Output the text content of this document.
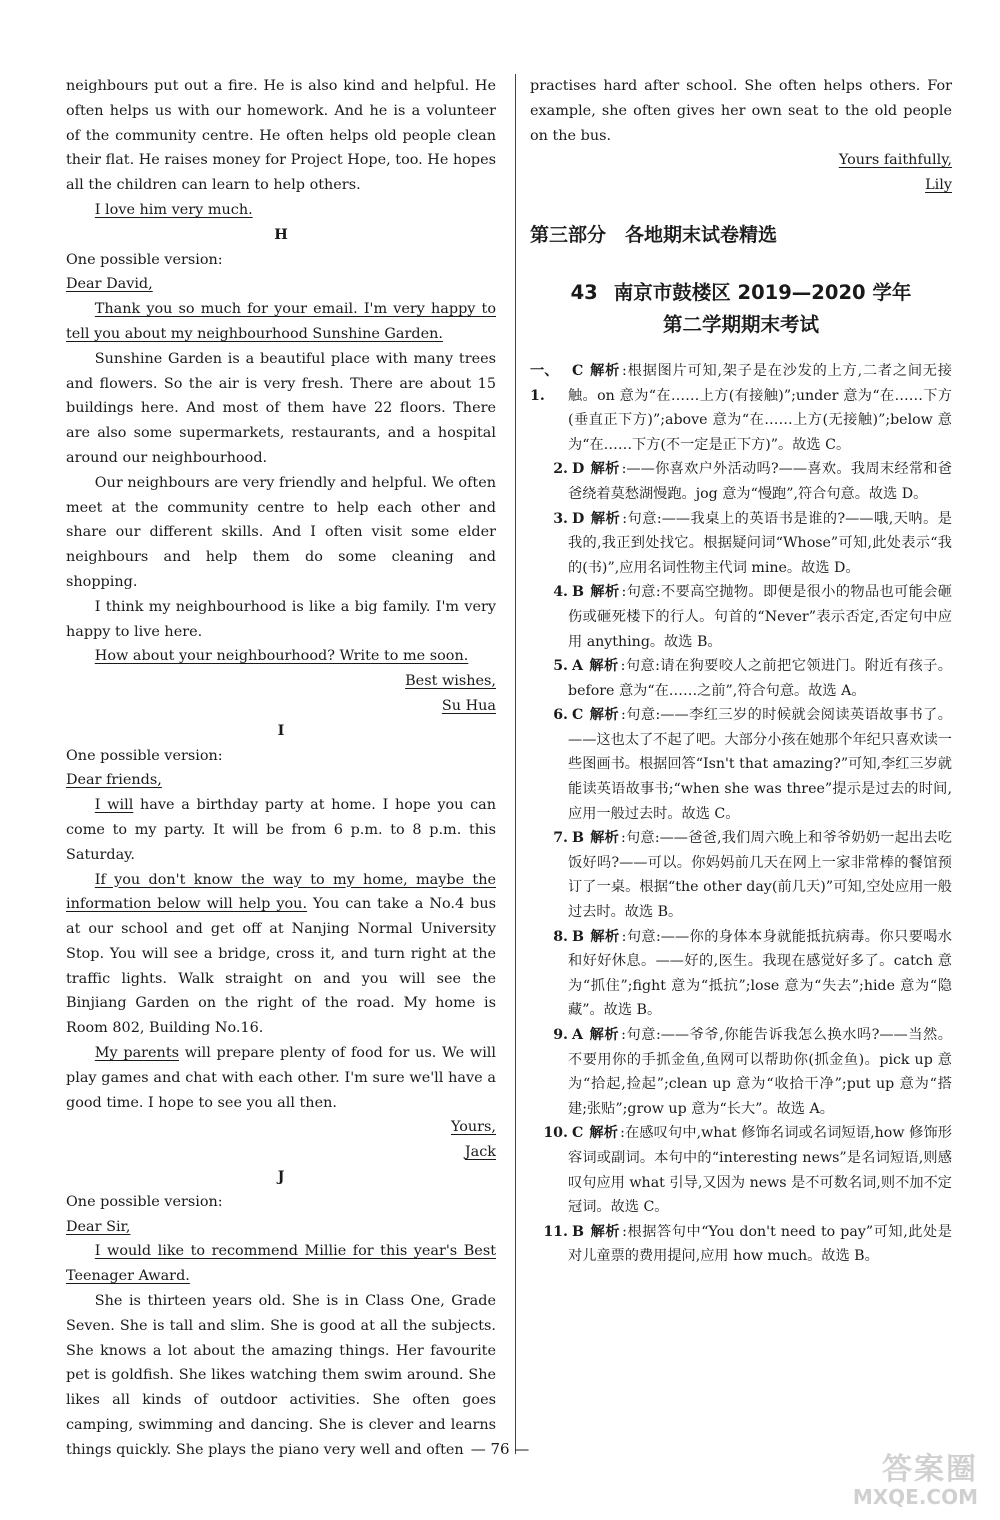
neighbours put out a fire. He is also kind and helpful. He often helps us with our homework. And he is a volunteer of the community centre. He often helps old people clean their flat. He raises money for Project Hope, too. He hopes all the children can learn to help others.

I love him very much.

H

One possible version:

Dear David,

Thank you so much for your email. I'm very happy to tell you about my neighbourhood Sunshine Garden.

Sunshine Garden is a beautiful place with many trees and flowers. So the air is very fresh. There are about 15 buildings here. And most of them have 22 floors. There are also some supermarkets, restaurants, and a hospital around our neighbourhood.

Our neighbours are very friendly and helpful. We often meet at the community centre to help each other and share our different skills. And I often visit some elder neighbours and help them do some cleaning and shopping.

I think my neighbourhood is like a big family. I'm very happy to live here.

How about your neighbourhood? Write to me soon.

Best wishes,

Su Hua

I

One possible version:

Dear friends,

I will have a birthday party at home. I hope you can come to my party. It will be from 6 p.m. to 8 p.m. this Saturday.

If you don't know the way to my home, maybe the information below will help you. You can take a No.4 bus at our school and get off at Nanjing Normal University Stop. You will see a bridge, cross it, and turn right at the traffic lights. Walk straight on and you will see the Binjiang Garden on the right of the road. My home is Room 802, Building No.16.

My parents will prepare plenty of food for us. We will play games and chat with each other. I'm sure we'll have a good time. I hope to see you all then.

Yours,

Jack

J

One possible version:

Dear Sir,

I would like to recommend Millie for this year's Best Teenager Award.

She is thirteen years old. She is in Class One, Grade Seven. She is tall and slim. She is good at all the subjects. She knows a lot about the amazing things. Her favourite pet is goldfish. She likes watching them swim around. She likes all kinds of outdoor activities. She often goes camping, swimming and dancing. She is clever and learns things quickly. She plays the piano very well and often

practises hard after school. She often helps others. For example, she often gives her own seat to the old people on the bus.

Yours faithfully,

Lily

第三部分　各地期末试卷精选
43 南京市鼓楼区 2019—2020 学年
第二学期期末考试

一、1.
C 解析 :根据图片可知,架子是在沙发的上方,二者之间无接触。on 意为“在……上方(有接触)”;under 意为“在……下方(垂直正下方)”;above 意为“在……上方(无接触)”;below 意为“在……下方(不一定是正下方)”。故选 C。

2. D 解析 :——你喜欢户外活动吗?——喜欢。我周末经常和爸爸绕着莫愁湖慢跑。jog 意为“慢跑”,符合句意。故选 D。

3. D 解析 :句意:——我桌上的英语书是谁的?——哦,天呐。是我的,我正到处找它。根据疑问词“Whose”可知,此处表示“我的(书)”,应用名词性物主代词 mine。故选 D。

4. B 解析 :句意:不要高空抛物。即便是很小的物品也可能会砸伤或砸死楼下的行人。句首的“Never”表示否定,否定句中应用 anything。故选 B。

5. A 解析 :句意:请在狗要咬人之前把它领进门。附近有孩子。before 意为“在……之前”,符合句意。故选 A。

6. C 解析 :句意:——李红三岁的时候就会阅读英语故事书了。——这也太了不起了吧。大部分小孩在她那个年纪只喜欢读一些图画书。根据回答“Isn't that amazing?”可知,李红三岁就能读英语故事书;“when she was three”提示是过去的时间,应用一般过去时。故选 C。

7. B 解析 :句意:——爸爸,我们周六晚上和爷爷奶奶一起出去吃饭好吗?——可以。你妈妈前几天在网上一家非常棒的餐馆预订了一桌。根据“the other day(前几天)”可知,空处应用一般过去时。故选 B。

8. B 解析 :句意:——你的身体本身就能抵抗病毒。你只要喝水和好好休息。——好的,医生。我现在感觉好多了。catch 意为“抓住”;fight 意为“抵抗”;lose 意为“失去”;hide 意为“隐藏”。故选 B。

9. A 解析 :句意:——爷爷,你能告诉我怎么换水吗?——当然。不要用你的手抓金鱼,鱼网可以帮助你(抓金鱼)。pick up 意为“拾起,捡起”;clean up 意为“收拾干净”;put up 意为“搭建;张贴”;grow up 意为“长大”。故选 A。

10. C 解析 :在感叹句中,what 修饰名词或名词短语,how 修饰形容词或副词。本句中的“interesting news”是名词短语,则感叹句应用 what 引导,又因为 news 是不可数名词,则不加不定冠词。故选 C。

11. B 解析 :根据答句中“You don't need to pay”可知,此处是对儿童票的费用提问,应用 how much。故选 B。

— 76 —
答案圈
MXQE.COM
